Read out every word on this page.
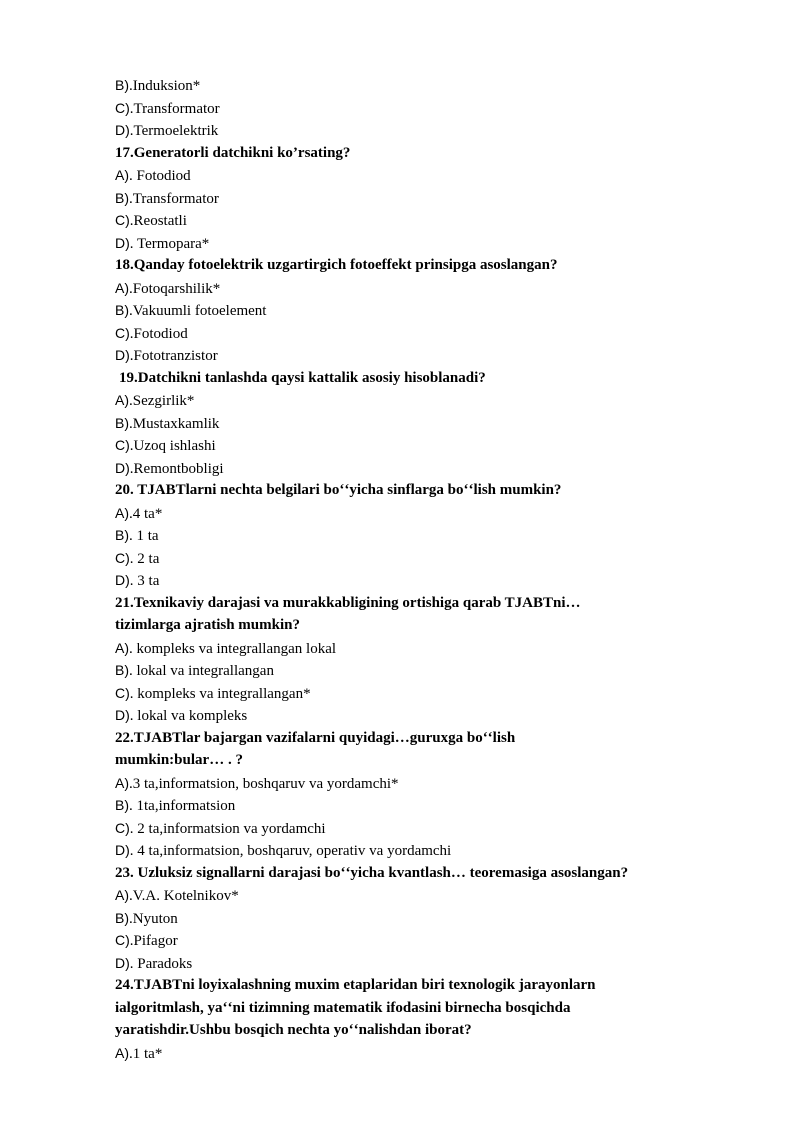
B).Induksion*
C).Transformator
D).Termoelektrik
17.Generatorli datchikni ko’rsating?
A). Fotodiod
B).Transformator
C).Reostatli
D). Termopara*
18.Qanday fotoelektrik uzgartirgich fotoeffekt prinsipga asoslangan?
A).Fotoqarshilik*
B).Vakuumli fotoelement
C).Fotodiod
D).Fototranzistor
19.Datchikni tanlashda qaysi kattalik asosiy hisoblanadi?
A).Sezgirlik*
B).Mustaxkamlik
C).Uzoq ishlashi
D).Remontbobligi
20. TJABTlarni nechta belgilari boʻʻyicha sinflarga boʻʻlish mumkin?
A).4 ta*
B). 1 ta
C). 2 ta
D). 3 ta
21.Texnikaviy darajasi va murakkabligining ortishiga qarab TJABTni…
tizimlarga ajratish mumkin?
A). kompleks va integrallangan lokal
B). lokal va integrallangan
C). kompleks va integrallangan*
D). lokal va kompleks
22.TJABTlar bajargan vazifalarni quyidagi…guruxga boʻʻlish
mumkin:bular… . ?
A).3 ta,informatsion, boshqaruv va yordamchi*
B). 1ta,informatsion
C). 2 ta,informatsion va yordamchi
D). 4 ta,informatsion, boshqaruv, operativ va yordamchi
23. Uzluksiz signallarni darajasi boʻʻyicha kvantlash… teoremasiga asoslangan?
A).V.A. Kotelnikov*
B).Nyuton
C).Pifagor
D). Paradoks
24.TJABTni loyixalashning muxim etaplaridan biri texnologik jarayonlarn
ialgoritmlash, yaʻʻni tizimning matematik ifodasini birnecha bosqichda
yaratishdir.Ushbu bosqich nechta yoʻʻnalishdan iborat?
A).1 ta*
